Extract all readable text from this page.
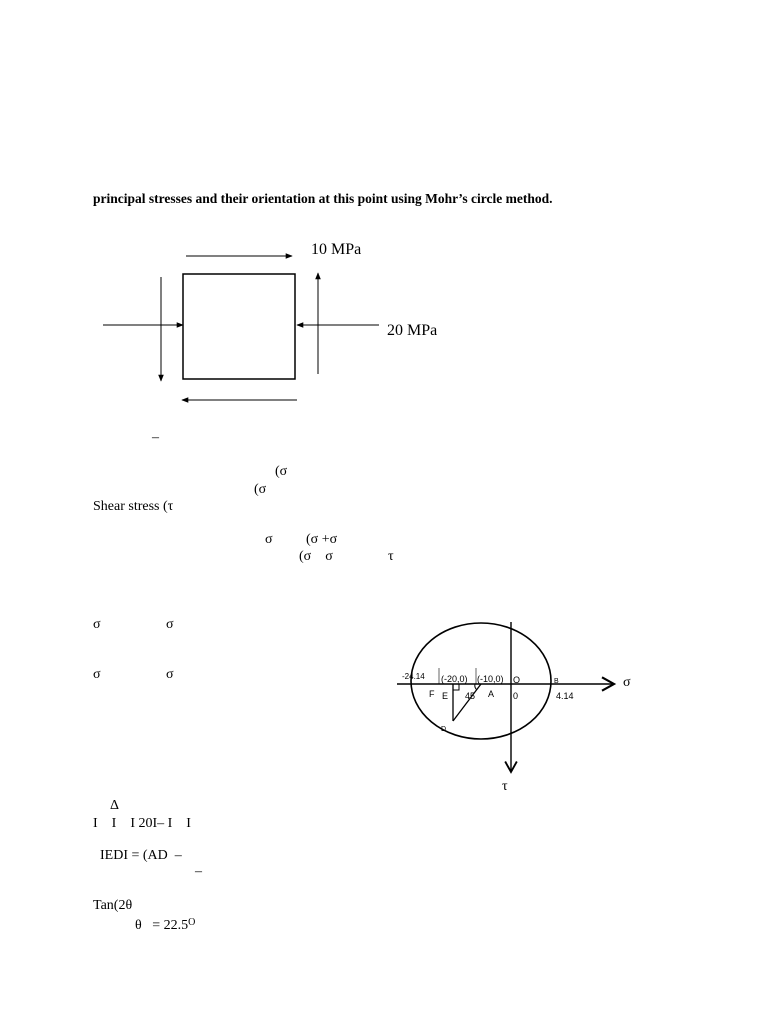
principal stresses and their orientation at this point using Mohr’s circle method.
10 MPa
20 MPa
–
(σ
(σ
Shear stress (τ
σ (σ +σ
(σ    σ	τ
σ	σ
σ	σ
Δ
I    I    I 20I– I    I
IEDI = (AD  –
–
Tan(2θ
$\theta = 22.5^O$
-24.14 (-20,0) (-10,0) O	B
4.14
F E 45 A 0
D
σ
τ
